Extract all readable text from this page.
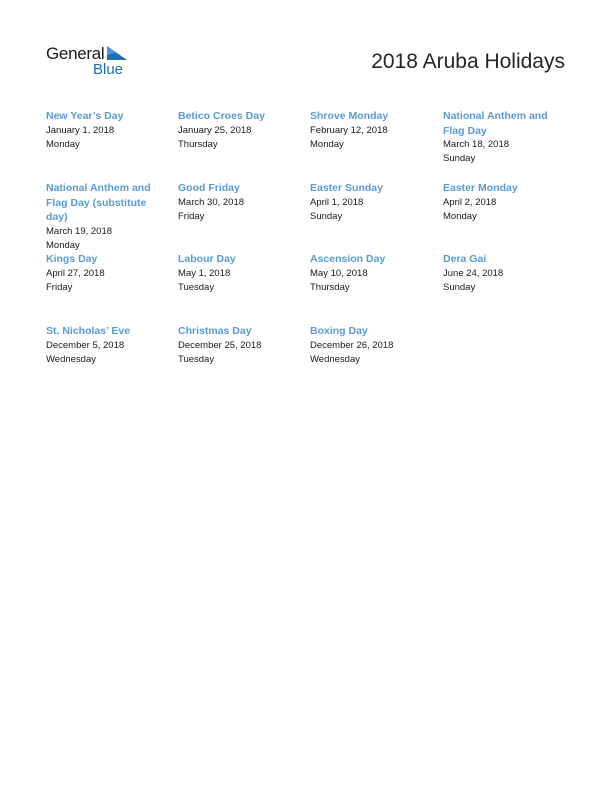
General
Blue	2018 Aruba Holidays
New Year’s Day
January 1, 2018
Monday
Betico Croes Day
January 25, 2018
Thursday
Shrove Monday
February 12, 2018
Monday
National Anthem and Flag Day
March 18, 2018
Sunday
National Anthem and Flag Day (substitute day)
March 19, 2018
Monday
Good Friday
March 30, 2018
Friday
Easter Sunday
April 1, 2018
Sunday
Easter Monday
April 2, 2018
Monday
Kings Day
April 27, 2018
Friday
Labour Day
May 1, 2018
Tuesday
Ascension Day
May 10, 2018
Thursday
Dera Gai
June 24, 2018
Sunday
St. Nicholas’ Eve
December 5, 2018
Wednesday
Christmas Day
December 25, 2018
Tuesday
Boxing Day
December 26, 2018
Wednesday
